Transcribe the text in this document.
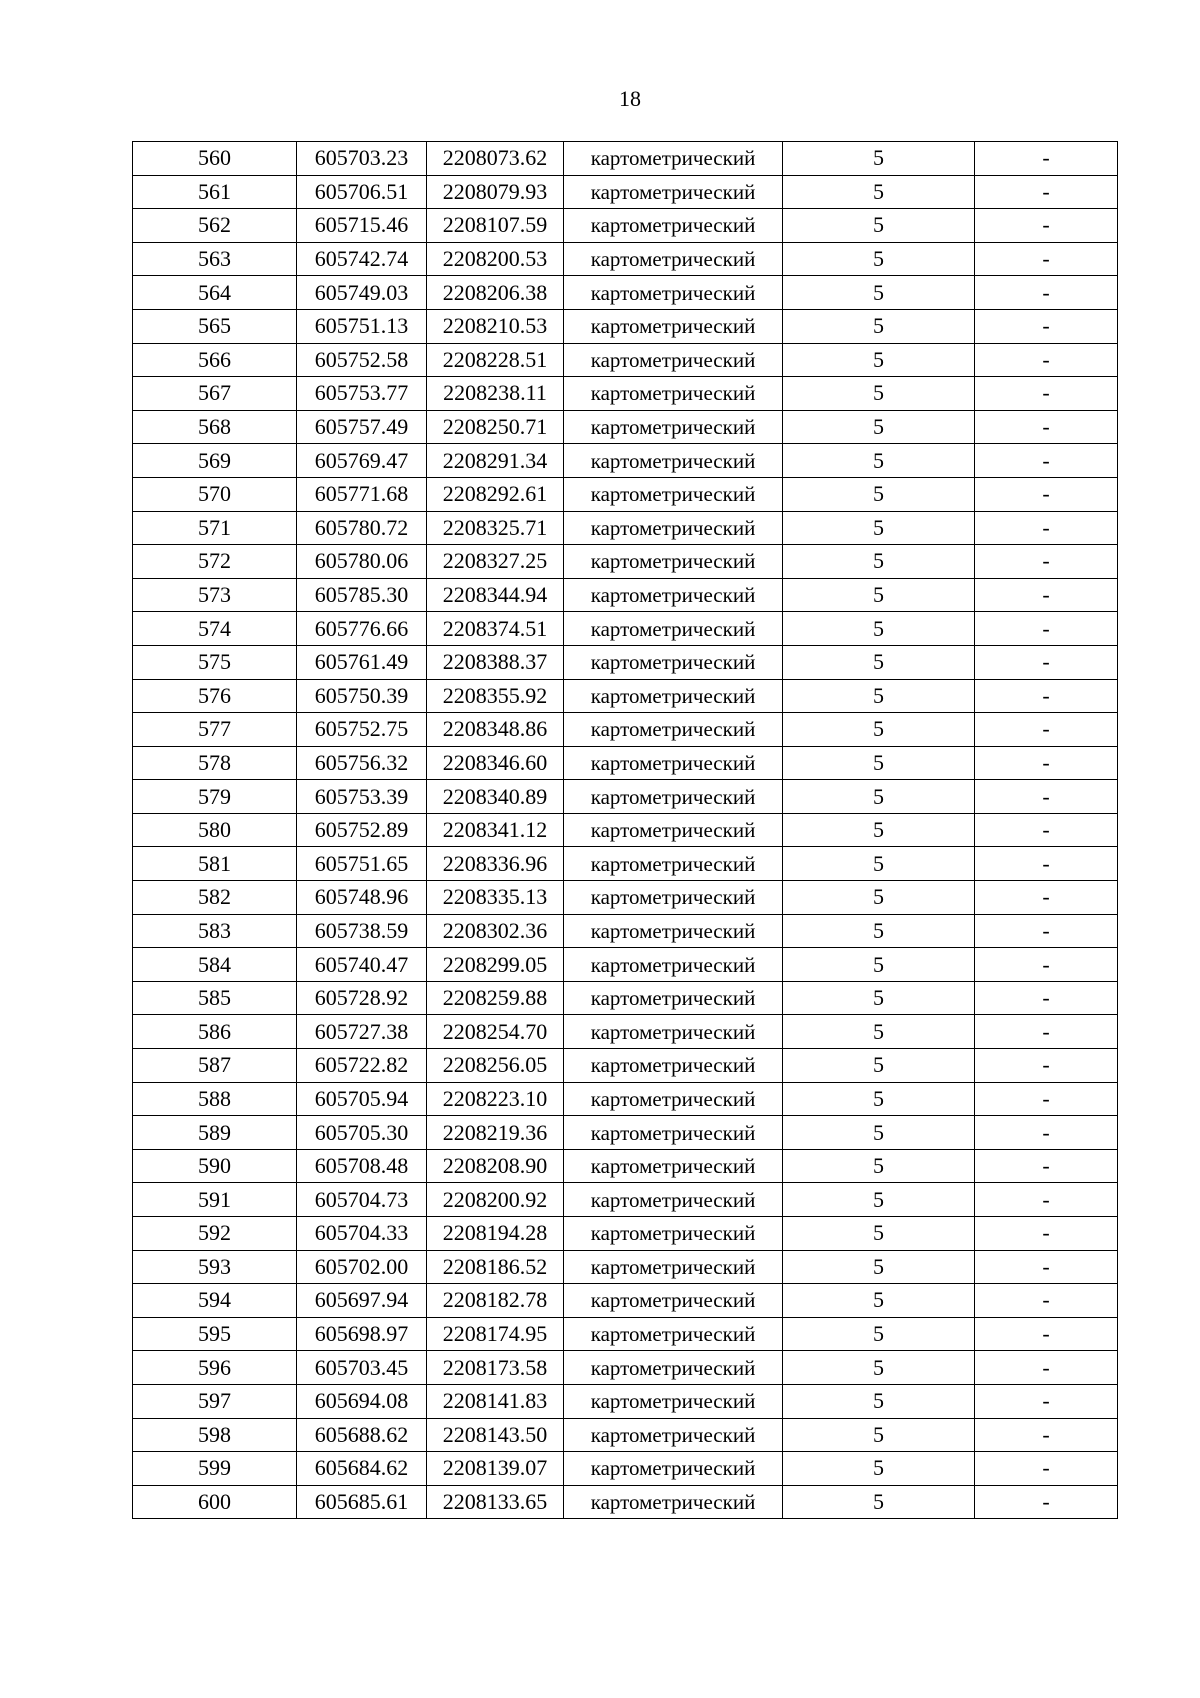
18
560	605703.23	2208073.62	картометрический	5	-
561	605706.51	2208079.93	картометрический	5	-
562	605715.46	2208107.59	картометрический	5	-
563	605742.74	2208200.53	картометрический	5	-
564	605749.03	2208206.38	картометрический	5	-
565	605751.13	2208210.53	картометрический	5	-
566	605752.58	2208228.51	картометрический	5	-
567	605753.77	2208238.11	картометрический	5	-
568	605757.49	2208250.71	картометрический	5	-
569	605769.47	2208291.34	картометрический	5	-
570	605771.68	2208292.61	картометрический	5	-
571	605780.72	2208325.71	картометрический	5	-
572	605780.06	2208327.25	картометрический	5	-
573	605785.30	2208344.94	картометрический	5	-
574	605776.66	2208374.51	картометрический	5	-
575	605761.49	2208388.37	картометрический	5	-
576	605750.39	2208355.92	картометрический	5	-
577	605752.75	2208348.86	картометрический	5	-
578	605756.32	2208346.60	картометрический	5	-
579	605753.39	2208340.89	картометрический	5	-
580	605752.89	2208341.12	картометрический	5	-
581	605751.65	2208336.96	картометрический	5	-
582	605748.96	2208335.13	картометрический	5	-
583	605738.59	2208302.36	картометрический	5	-
584	605740.47	2208299.05	картометрический	5	-
585	605728.92	2208259.88	картометрический	5	-
586	605727.38	2208254.70	картометрический	5	-
587	605722.82	2208256.05	картометрический	5	-
588	605705.94	2208223.10	картометрический	5	-
589	605705.30	2208219.36	картометрический	5	-
590	605708.48	2208208.90	картометрический	5	-
591	605704.73	2208200.92	картометрический	5	-
592	605704.33	2208194.28	картометрический	5	-
593	605702.00	2208186.52	картометрический	5	-
594	605697.94	2208182.78	картометрический	5	-
595	605698.97	2208174.95	картометрический	5	-
596	605703.45	2208173.58	картометрический	5	-
597	605694.08	2208141.83	картометрический	5	-
598	605688.62	2208143.50	картометрический	5	-
599	605684.62	2208139.07	картометрический	5	-
600	605685.61	2208133.65	картометрический	5	-
